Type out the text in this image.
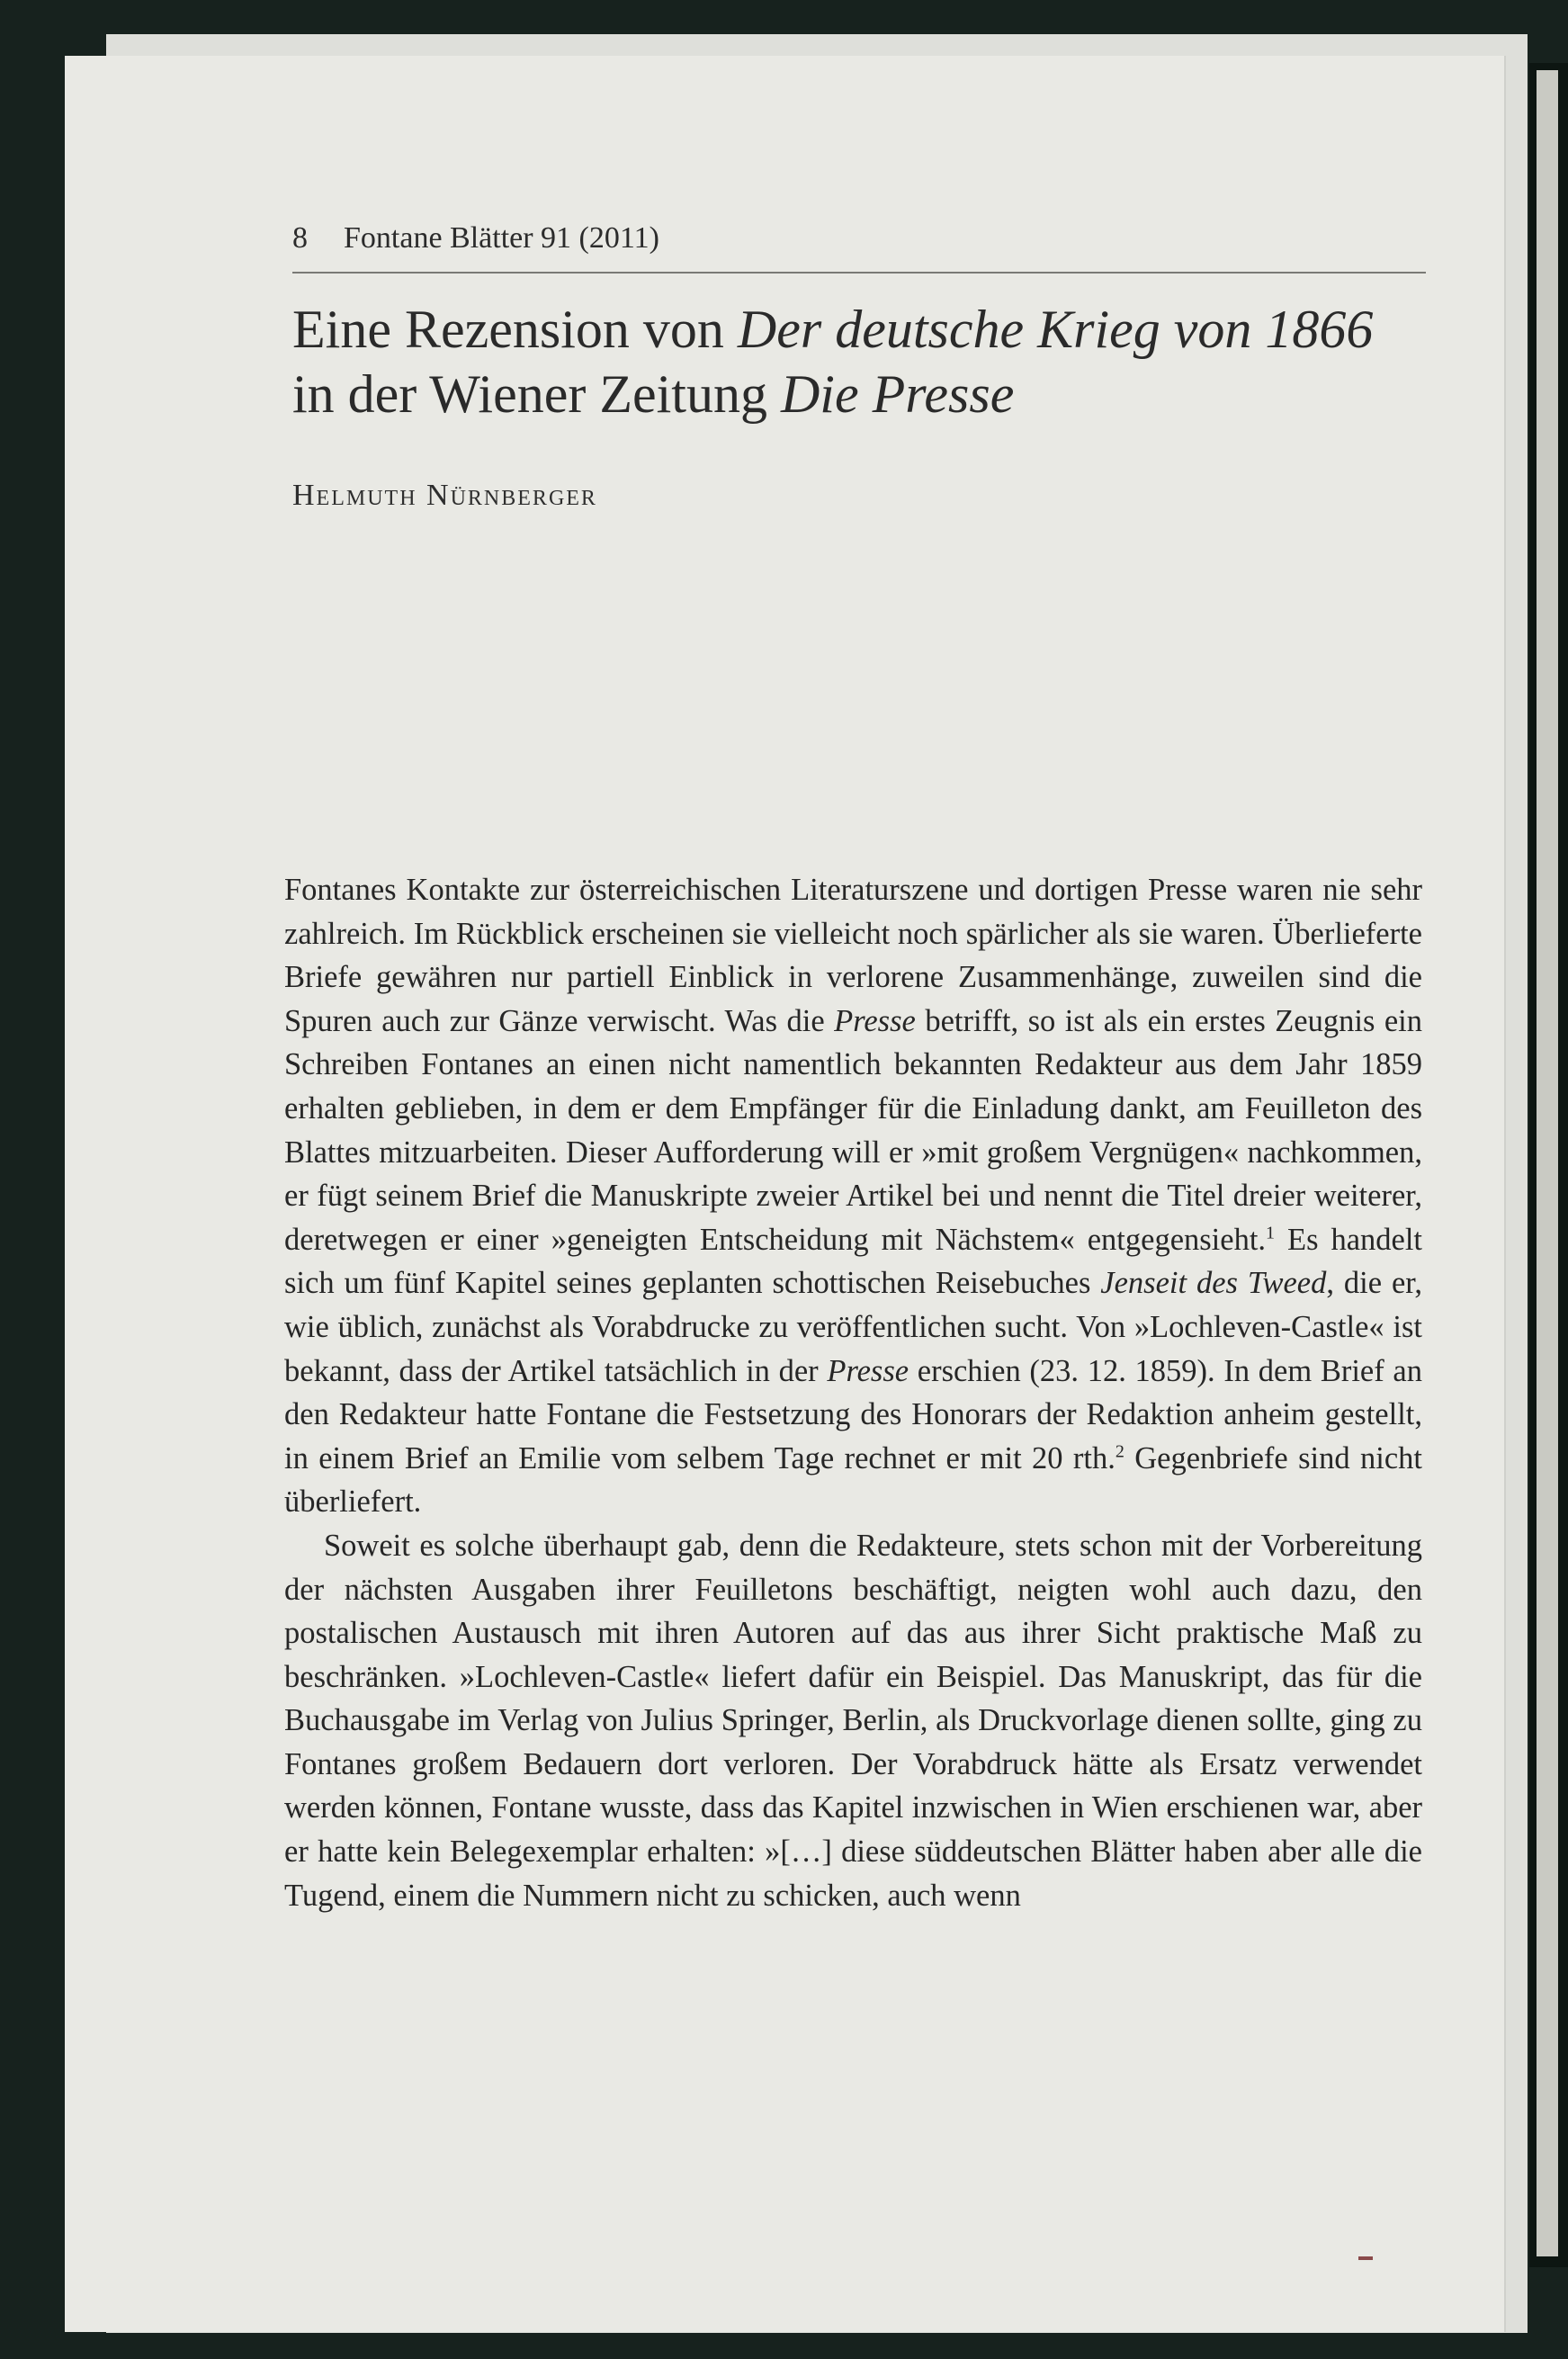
8 Fontane Blätter 91 (2011)
Eine Rezension von Der deutsche Krieg von 1866
in der Wiener Zeitung Die Presse
Helmuth Nürnberger

Fontanes Kontakte zur österreichischen Literaturszene und dortigen Presse waren nie sehr zahlreich. Im Rückblick erscheinen sie vielleicht noch spärlicher als sie waren. Überlieferte Briefe gewähren nur partiell Einblick in verlorene Zusammenhänge, zuweilen sind die Spuren auch zur Gänze verwischt. Was die Presse betrifft, so ist als ein erstes Zeugnis ein Schreiben Fontanes an einen nicht namentlich bekannten Redakteur aus dem Jahr 1859 erhalten geblieben, in dem er dem Empfänger für die Einladung dankt, am Feuilleton des Blattes mitzuarbeiten. Dieser Aufforderung will er »mit großem Vergnügen« nachkommen, er fügt seinem Brief die Manuskripte zweier Artikel bei und nennt die Titel dreier weiterer, deretwegen er einer »geneigten Entscheidung mit Nächstem« entgegensieht.$^1$ Es handelt sich um fünf Kapitel seines geplanten schottischen Reisebuches Jenseit des Tweed, die er, wie üblich, zunächst als Vorabdrucke zu veröffentlichen sucht. Von »Lochleven-Castle« ist bekannt, dass der Artikel tatsächlich in der Presse erschien (23. 12. 1859). In dem Brief an den Redakteur hatte Fontane die Festsetzung des Honorars der Redaktion anheim gestellt, in einem Brief an Emilie vom selbem Tage rechnet er mit 20 rth.$^2$ Gegenbriefe sind nicht überliefert.

Soweit es solche überhaupt gab, denn die Redakteure, stets schon mit der Vorbereitung der nächsten Ausgaben ihrer Feuilletons beschäftigt, neigten wohl auch dazu, den postalischen Austausch mit ihren Autoren auf das aus ihrer Sicht praktische Maß zu beschränken. »Lochleven-Castle« liefert dafür ein Beispiel. Das Manuskript, das für die Buchausgabe im Verlag von Julius Springer, Berlin, als Druckvorlage dienen sollte, ging zu Fontanes großem Bedauern dort verloren. Der Vorabdruck hätte als Ersatz verwendet werden können, Fontane wusste, dass das Kapitel inzwischen in Wien erschienen war, aber er hatte kein Belegexemplar erhalten: »[…] diese süddeutschen Blätter haben aber alle die Tugend, einem die Nummern nicht zu schicken, auch wenn
